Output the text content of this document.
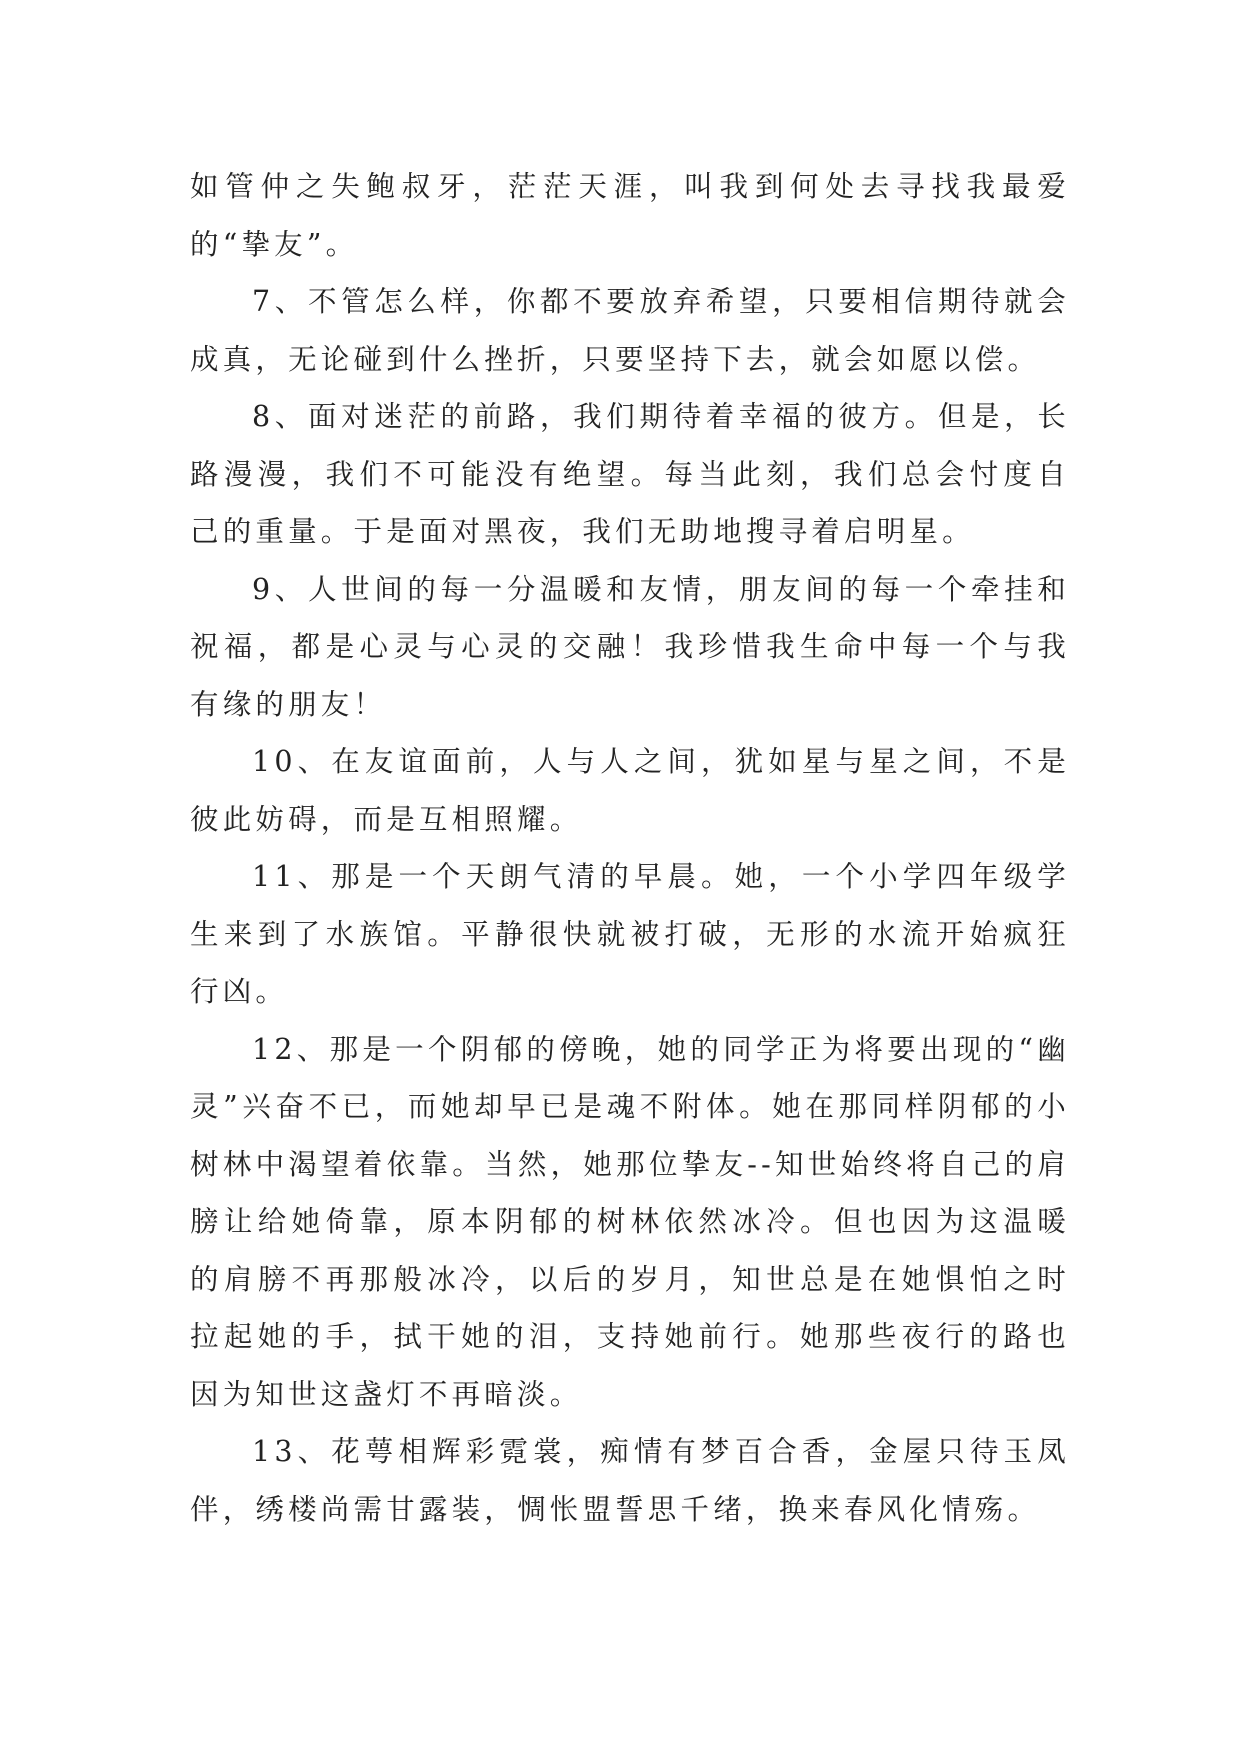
如管仲之失鲍叔牙，茫茫天涯，叫我到何处去寻找我最爱的“挚友”。

7、不管怎么样，你都不要放弃希望，只要相信期待就会成真，无论碰到什么挫折，只要坚持下去，就会如愿以偿。

8、面对迷茫的前路，我们期待着幸福的彼方。但是，长路漫漫，我们不可能没有绝望。每当此刻，我们总会忖度自己的重量。于是面对黑夜，我们无助地搜寻着启明星。

9、人世间的每一分温暖和友情，朋友间的每一个牵挂和祝福，都是心灵与心灵的交融！我珍惜我生命中每一个与我有缘的朋友！

10、在友谊面前，人与人之间，犹如星与星之间，不是彼此妨碍，而是互相照耀。

11、那是一个天朗气清的早晨。她，一个小学四年级学生来到了水族馆。平静很快就被打破，无形的水流开始疯狂行凶。

12、那是一个阴郁的傍晚，她的同学正为将要出现的“幽灵”兴奋不已，而她却早已是魂不附体。她在那同样阴郁的小树林中渴望着依靠。当然，她那位挚友--知世始终将自己的肩膀让给她倚靠，原本阴郁的树林依然冰冷。但也因为这温暖的肩膀不再那般冰冷，以后的岁月，知世总是在她惧怕之时拉起她的手，拭干她的泪，支持她前行。她那些夜行的路也因为知世这盏灯不再暗淡。

13、花萼相辉彩霓裳，痴情有梦百合香，金屋只待玉凤伴，绣楼尚需甘露装，惆怅盟誓思千绪，换来春风化情殇。
